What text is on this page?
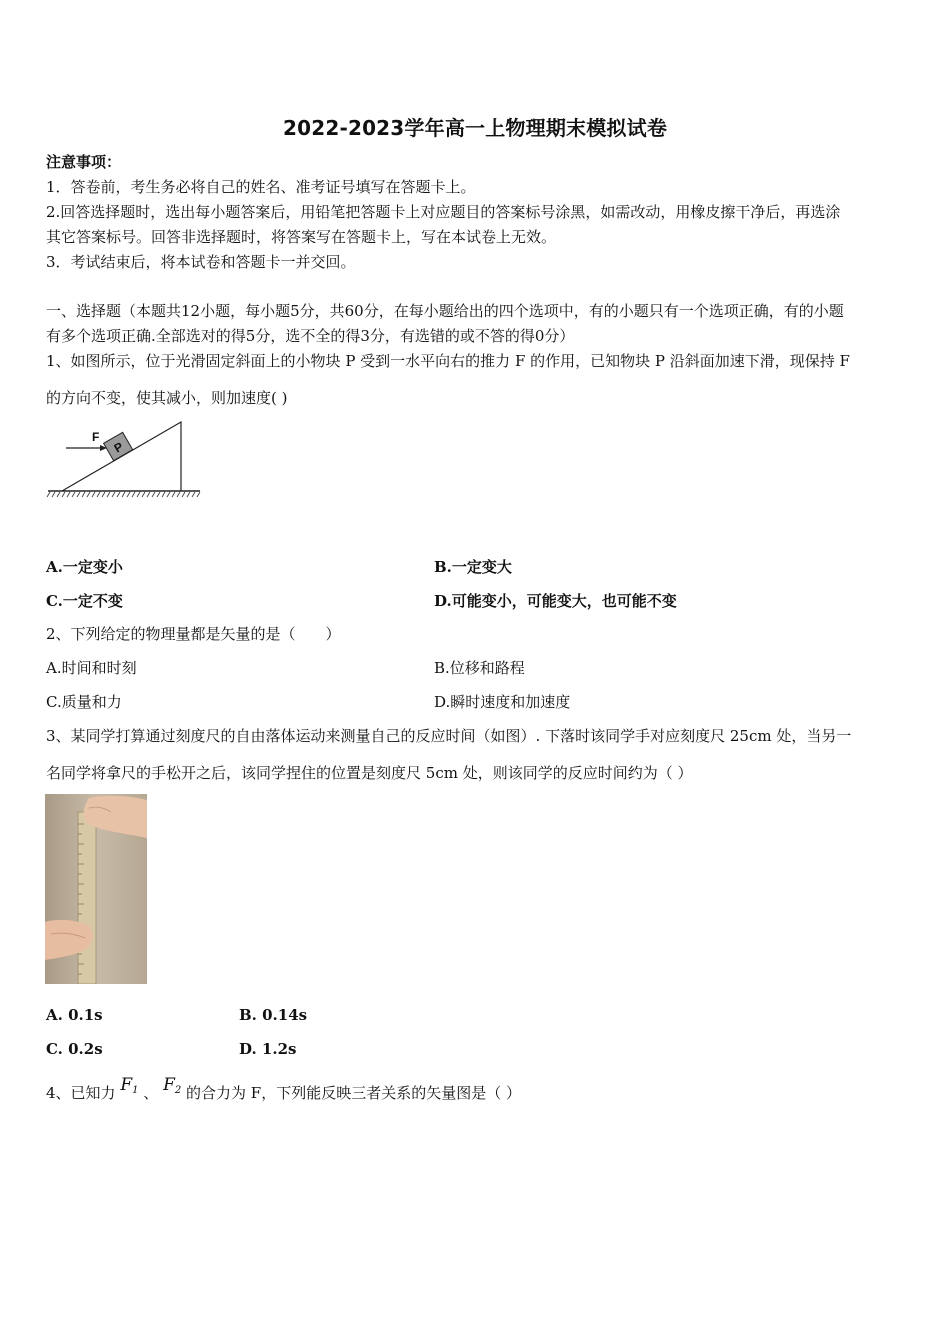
2022-2023学年高一上物理期末模拟试卷
注意事项：
1．答卷前，考生务必将自己的姓名、准考证号填写在答题卡上。
2.回答选择题时，选出每小题答案后，用铅笔把答题卡上对应题目的答案标号涂黑，如需改动，用橡皮擦干净后，再选涂
其它答案标号。回答非选择题时，将答案写在答题卡上，写在本试卷上无效。
3．考试结束后，将本试卷和答题卡一并交回。
一、选择题（本题共12小题，每小题5分，共60分，在每小题给出的四个选项中，有的小题只有一个选项正确，有的小题
有多个选项正确.全部选对的得5分，选不全的得3分，有选错的或不答的得0分）
1、如图所示，位于光滑固定斜面上的小物块 P 受到一水平向右的推力 F 的作用，已知物块 P 沿斜面加速下滑，现保持 F
的方向不变，使其减小，则加速度( )
P
F
A.一定变小	B.一定变大
C.一定不变	D.可能变小，可能变大，也可能不变
2、下列给定的物理量都是矢量的是（　　）
A.时间和时刻	B.位移和路程
C.质量和力	D.瞬时速度和加速度
3、某同学打算通过刻度尺的自由落体运动来测量自己的反应时间（如图）. 下落时该同学手对应刻度尺 25cm 处，当另一
名同学将拿尺的手松开之后，该同学捏住的位置是刻度尺 5cm 处，则该同学的反应时间约为（ ）
A. 0.1s	B. 0.14s
C. 0.2s	D. 1.2s
4、已知力 $F_1$ 、 $F_2$ 的合力为 F，下列能反映三者关系的矢量图是（ ）
